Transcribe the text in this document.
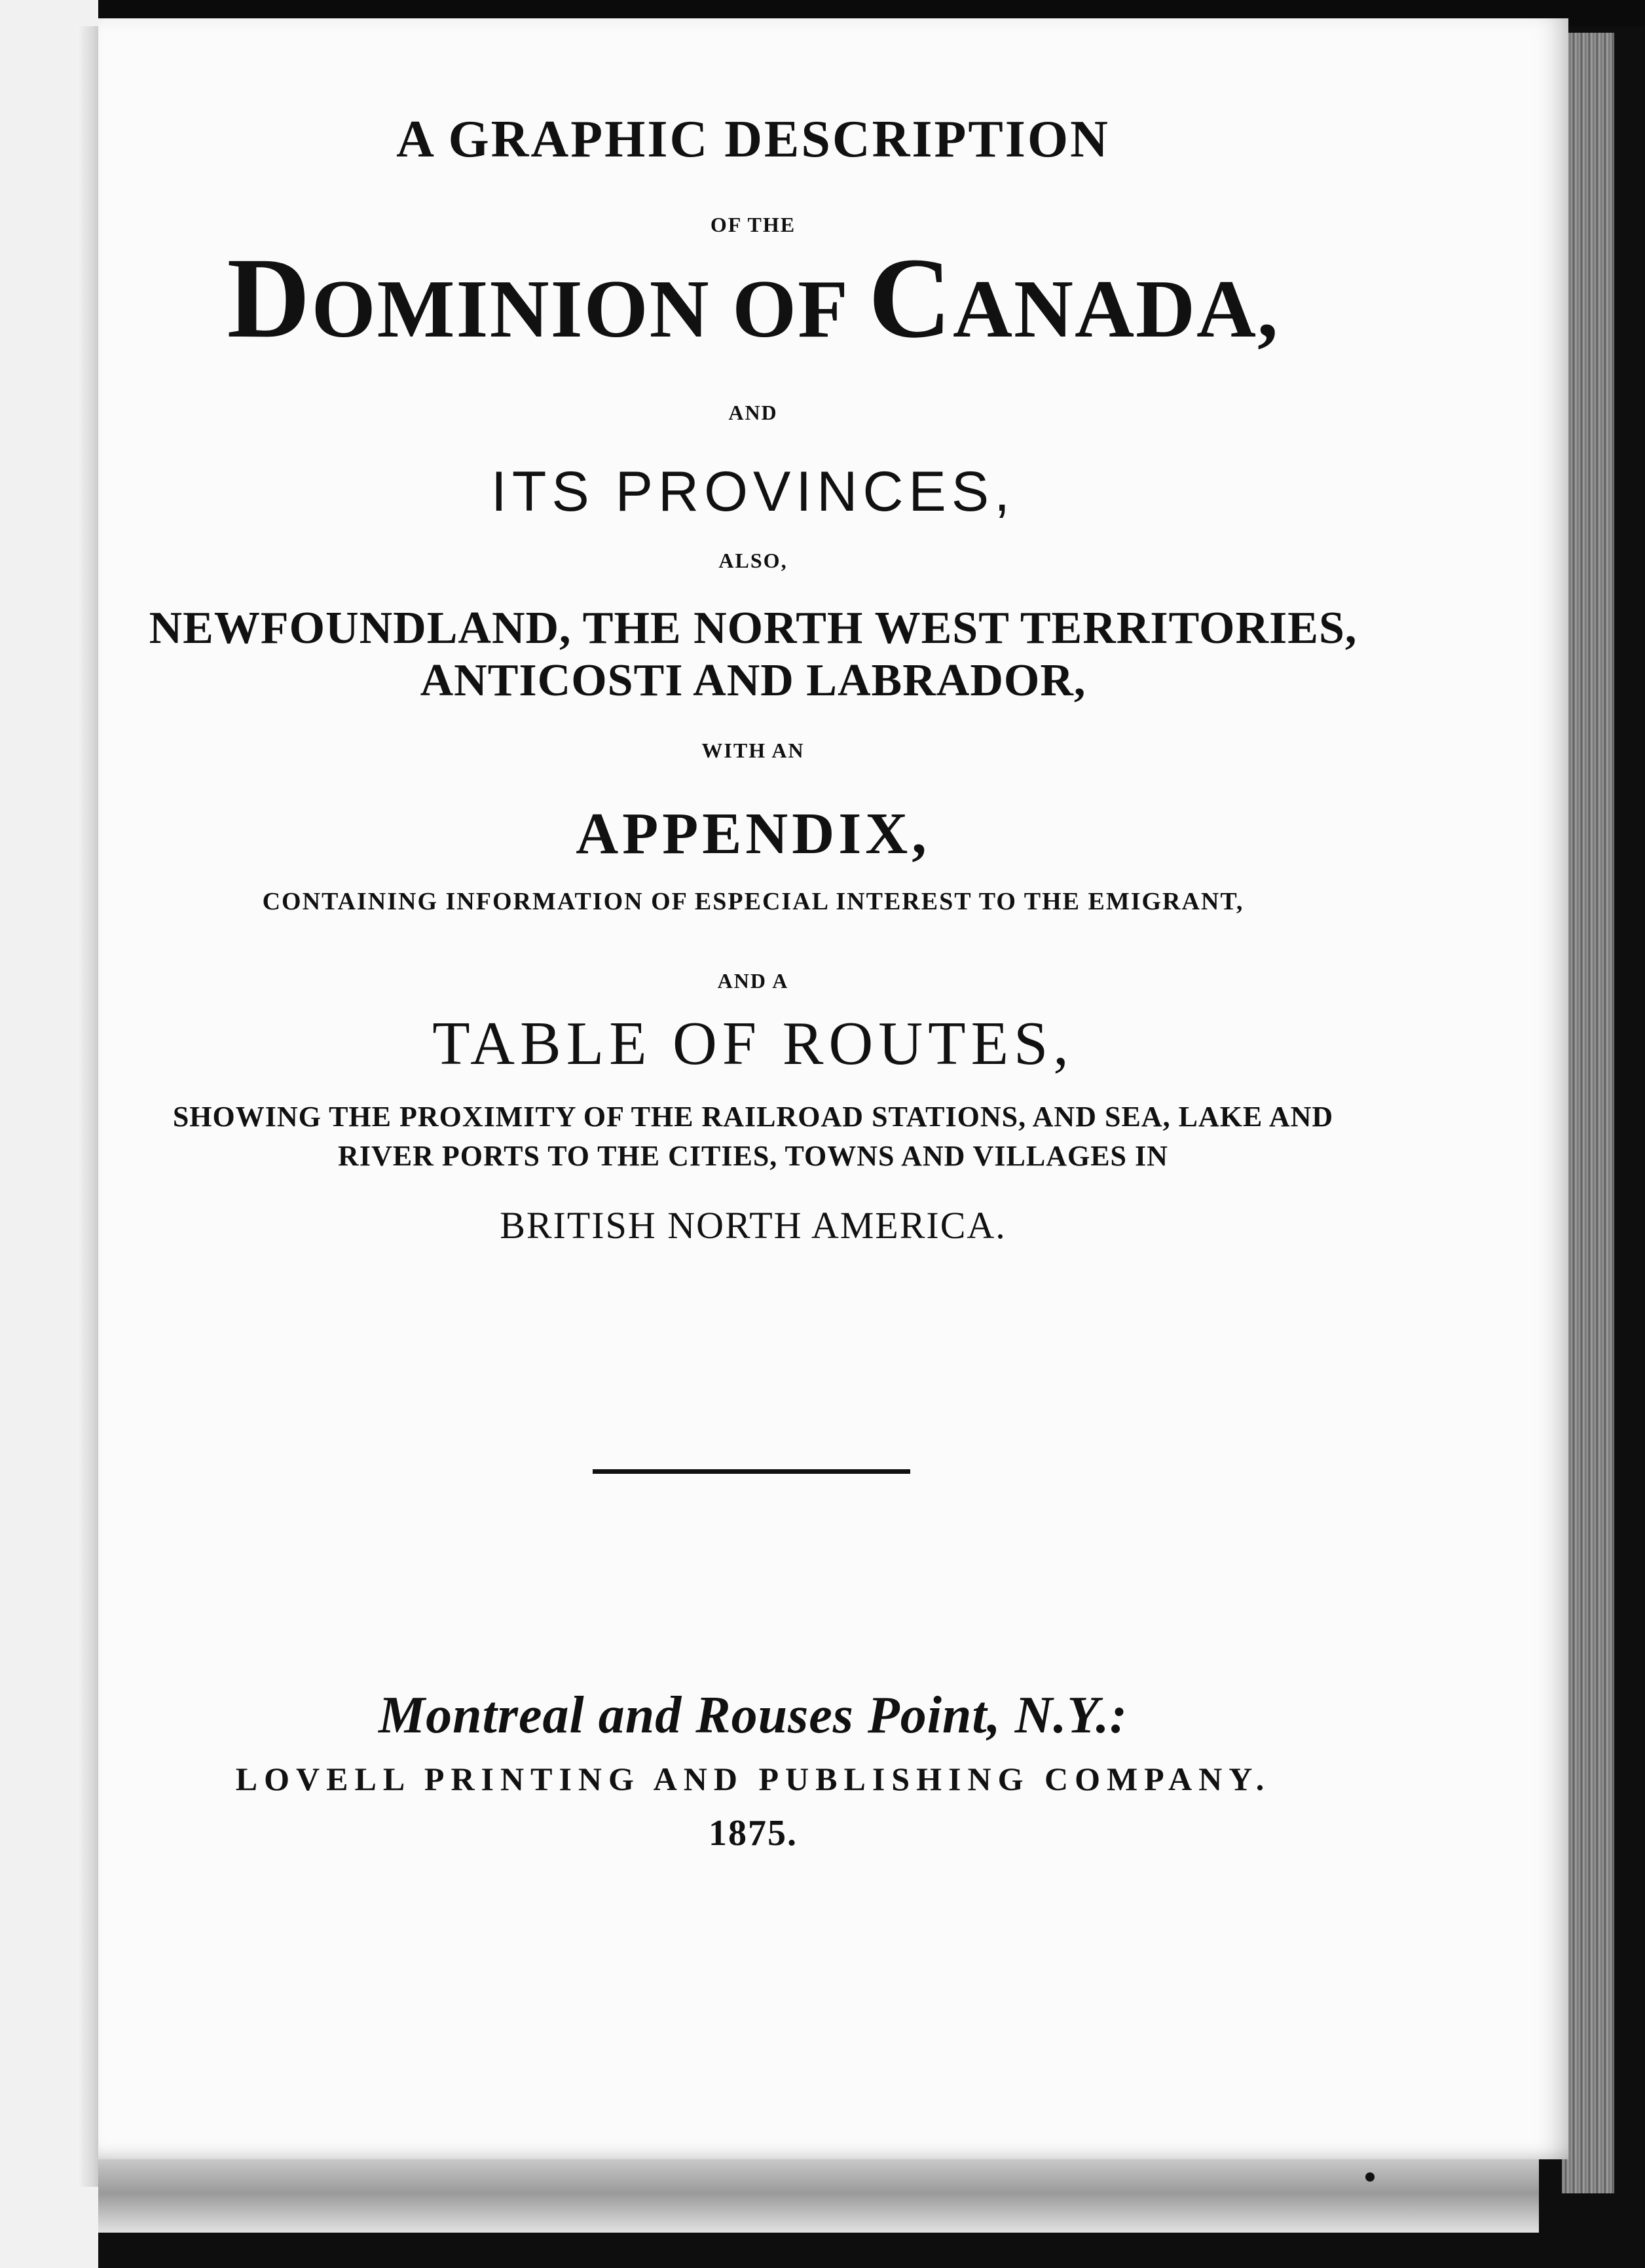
A GRAPHIC DESCRIPTION
OF THE
DOMINION OF CANADA,
AND
ITS PROVINCES,
ALSO,
NEWFOUNDLAND, THE NORTH WEST TERRITORIES,
ANTICOSTI AND LABRADOR,
WITH AN
APPENDIX,
CONTAINING INFORMATION OF ESPECIAL INTEREST TO THE EMIGRANT,
AND A
TABLE OF ROUTES,
SHOWING THE PROXIMITY OF THE RAILROAD STATIONS, AND SEA, LAKE AND
RIVER PORTS TO THE CITIES, TOWNS AND VILLAGES IN
BRITISH NORTH AMERICA.
Montreal and Rouses Point, N.Y.:
LOVELL PRINTING AND PUBLISHING COMPANY.
1875.
